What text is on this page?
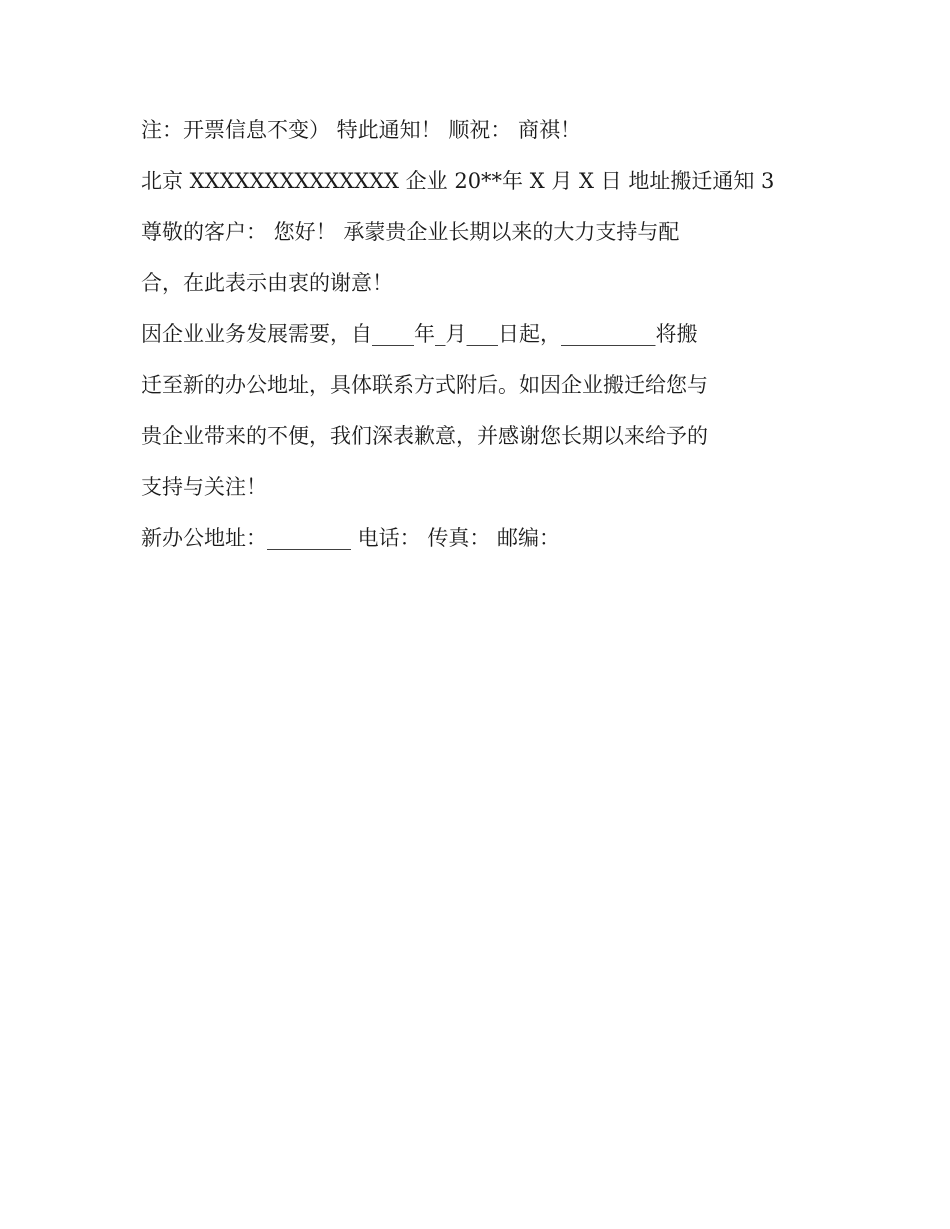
注：开票信息不变） 特此通知！ 顺祝： 商祺！
北京 XXXXXXXXXXXXXX 企业 20**年 X 月 X 日 地址搬迁通知 3
尊敬的客户： 您好！ 承蒙贵企业长期以来的大力支持与配
合，在此表示由衷的谢意！
因企业业务发展需要，自____年_月___日起，_________将搬
迁至新的办公地址，具体联系方式附后。如因企业搬迁给您与
贵企业带来的不便，我们深表歉意，并感谢您长期以来给予的
支持与关注！
新办公地址：________ 电话： 传真： 邮编：
